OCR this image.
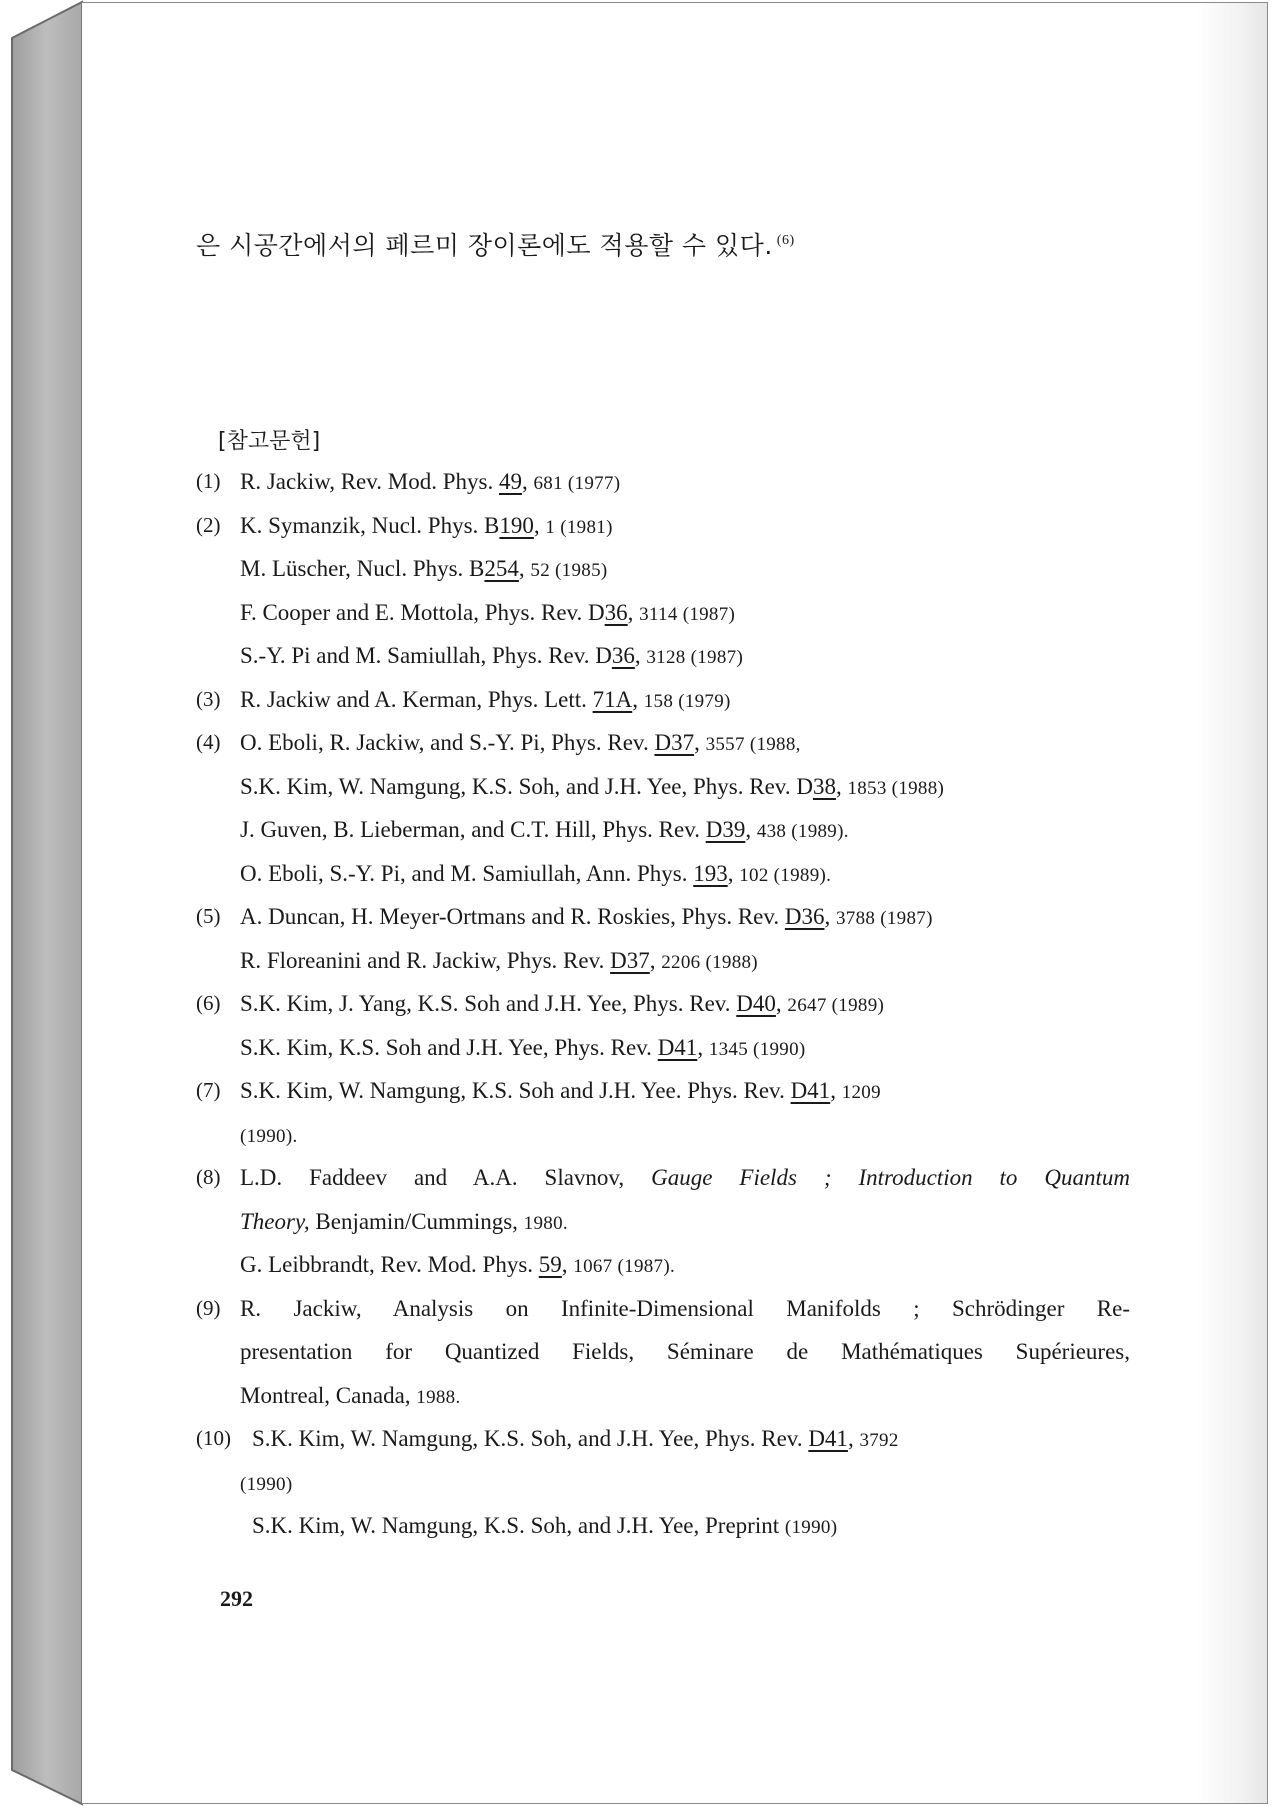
은 시공간에서의 페르미 장이론에도 적용할 수 있다. $^{(6)}$
[참고문헌]
(1) R. Jackiw, Rev. Mod. Phys. 49, 681 (1977)
(2) K. Symanzik, Nucl. Phys. B190, 1 (1981)
M. Lüscher, Nucl. Phys. B254, 52 (1985)
F. Cooper and E. Mottola, Phys. Rev. D36, 3114 (1987)
S.-Y. Pi and M. Samiullah, Phys. Rev. D36, 3128 (1987)
(3) R. Jackiw and A. Kerman, Phys. Lett. 71A, 158 (1979)
(4) O. Eboli, R. Jackiw, and S.-Y. Pi, Phys. Rev. D37, 3557 (1988,
S.K. Kim, W. Namgung, K.S. Soh, and J.H. Yee, Phys. Rev. D38, 1853 (1988)
J. Guven, B. Lieberman, and C.T. Hill, Phys. Rev. D39, 438 (1989).
O. Eboli, S.-Y. Pi, and M. Samiullah, Ann. Phys. 193, 102 (1989).
(5) A. Duncan, H. Meyer-Ortmans and R. Roskies, Phys. Rev. D36, 3788 (1987)
R. Floreanini and R. Jackiw, Phys. Rev. D37, 2206 (1988)
(6) S.K. Kim, J. Yang, K.S. Soh and J.H. Yee, Phys. Rev. D40, 2647 (1989)
S.K. Kim, K.S. Soh and J.H. Yee, Phys. Rev. D41, 1345 (1990)
(7) S.K. Kim, W. Namgung, K.S. Soh and J.H. Yee. Phys. Rev. D41, 1209
(1990).
(8) L.D. Faddeev and A.A. Slavnov, Gauge Fields ; Introduction to Quantum
Theory, Benjamin/Cummings, 1980.
G. Leibbrandt, Rev. Mod. Phys. 59, 1067 (1987).
(9) R. Jackiw, Analysis on Infinite-Dimensional Manifolds ; Schrödinger Re-
presentation for Quantized Fields, Séminare de Mathématiques Supérieures,
Montreal, Canada, 1988.
(10) S.K. Kim, W. Namgung, K.S. Soh, and J.H. Yee, Phys. Rev. D41, 3792
(1990)
S.K. Kim, W. Namgung, K.S. Soh, and J.H. Yee, Preprint (1990)
292
